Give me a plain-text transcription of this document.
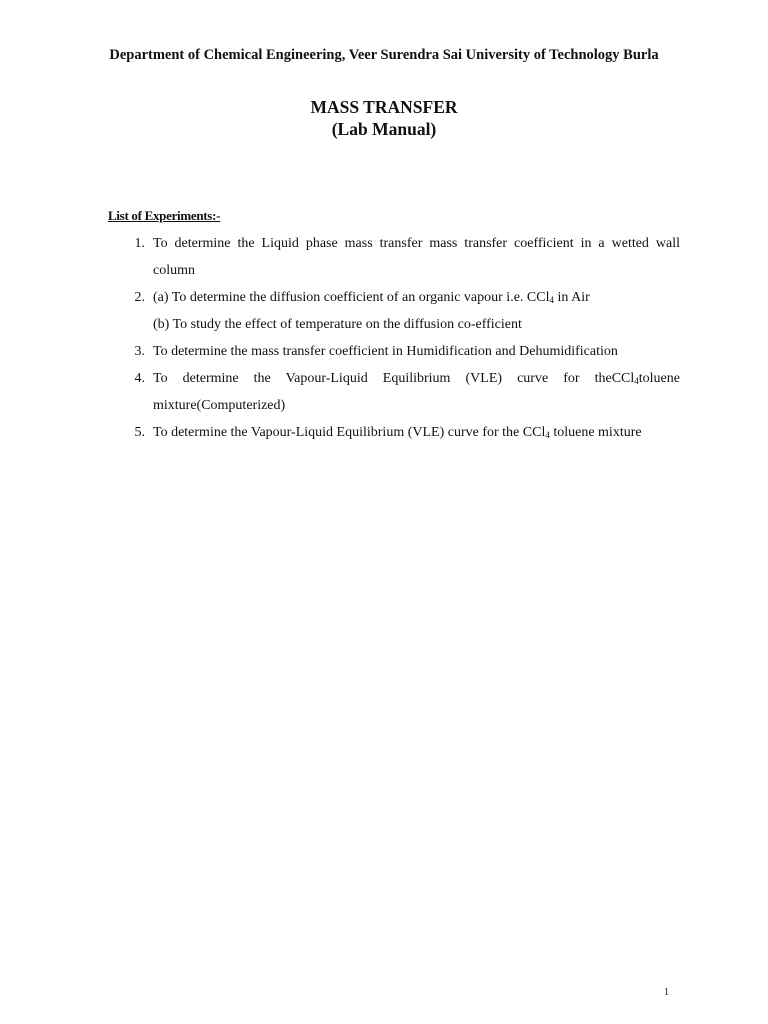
Department of Chemical Engineering, Veer Surendra Sai University of Technology Burla
MASS TRANSFER
(Lab Manual)
List of Experiments:-
1. To determine the Liquid phase mass transfer mass transfer coefficient in a wetted wall column
2. (a) To determine the diffusion coefficient of an organic vapour i.e. CCl$_4$ in Air
(b) To study the effect of temperature on the diffusion co-efficient
3. To determine the mass transfer coefficient in Humidification and Dehumidification
4. To determine the Vapour-Liquid Equilibrium (VLE) curve for theCCl$_4$toluene mixture(Computerized)
5. To determine the Vapour-Liquid Equilibrium (VLE) curve for the CCl$_4$ toluene mixture
1
